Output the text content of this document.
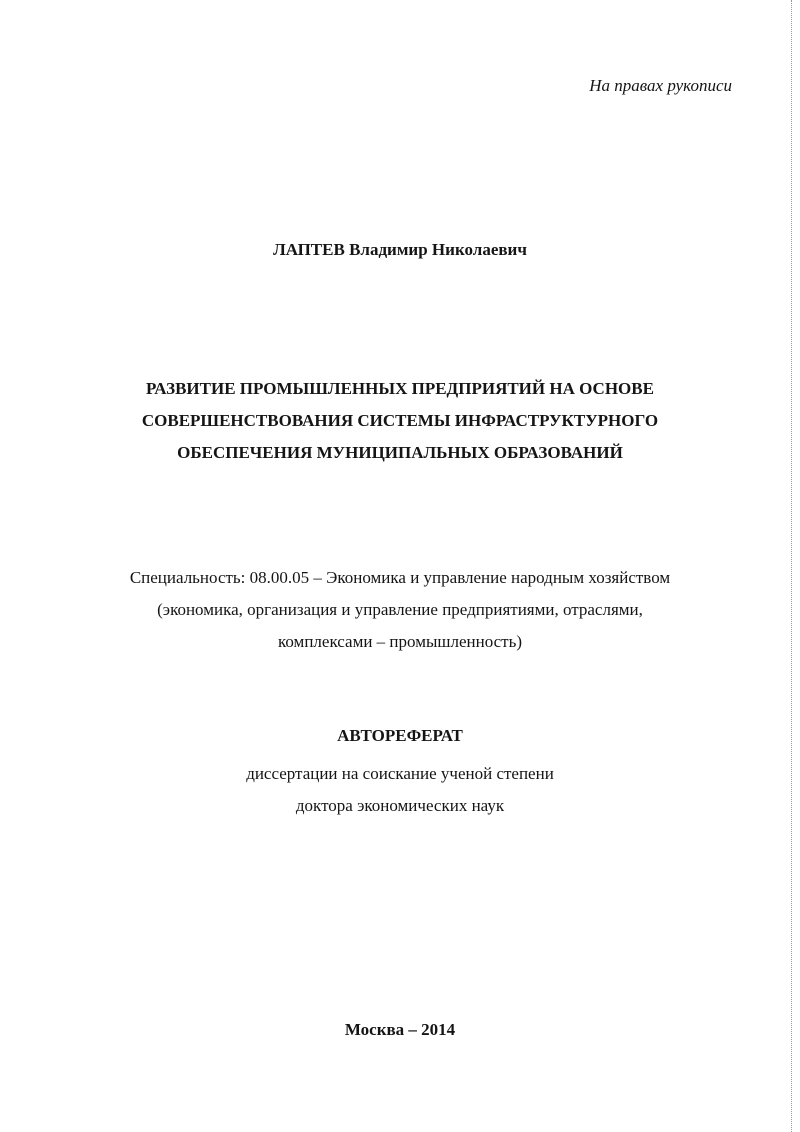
На правах рукописи
ЛАПТЕВ Владимир Николаевич
РАЗВИТИЕ ПРОМЫШЛЕННЫХ ПРЕДПРИЯТИЙ НА ОСНОВЕ
СОВЕРШЕНСТВОВАНИЯ СИСТЕМЫ ИНФРАСТРУКТУРНОГО
ОБЕСПЕЧЕНИЯ МУНИЦИПАЛЬНЫХ ОБРАЗОВАНИЙ
Специальность: 08.00.05 – Экономика и управление народным хозяйством
(экономика, организация и управление предприятиями, отраслями,
комплексами – промышленность)
АВТОРЕФЕРАТ
диссертации на соискание ученой степени
доктора экономических наук
Москва – 2014
